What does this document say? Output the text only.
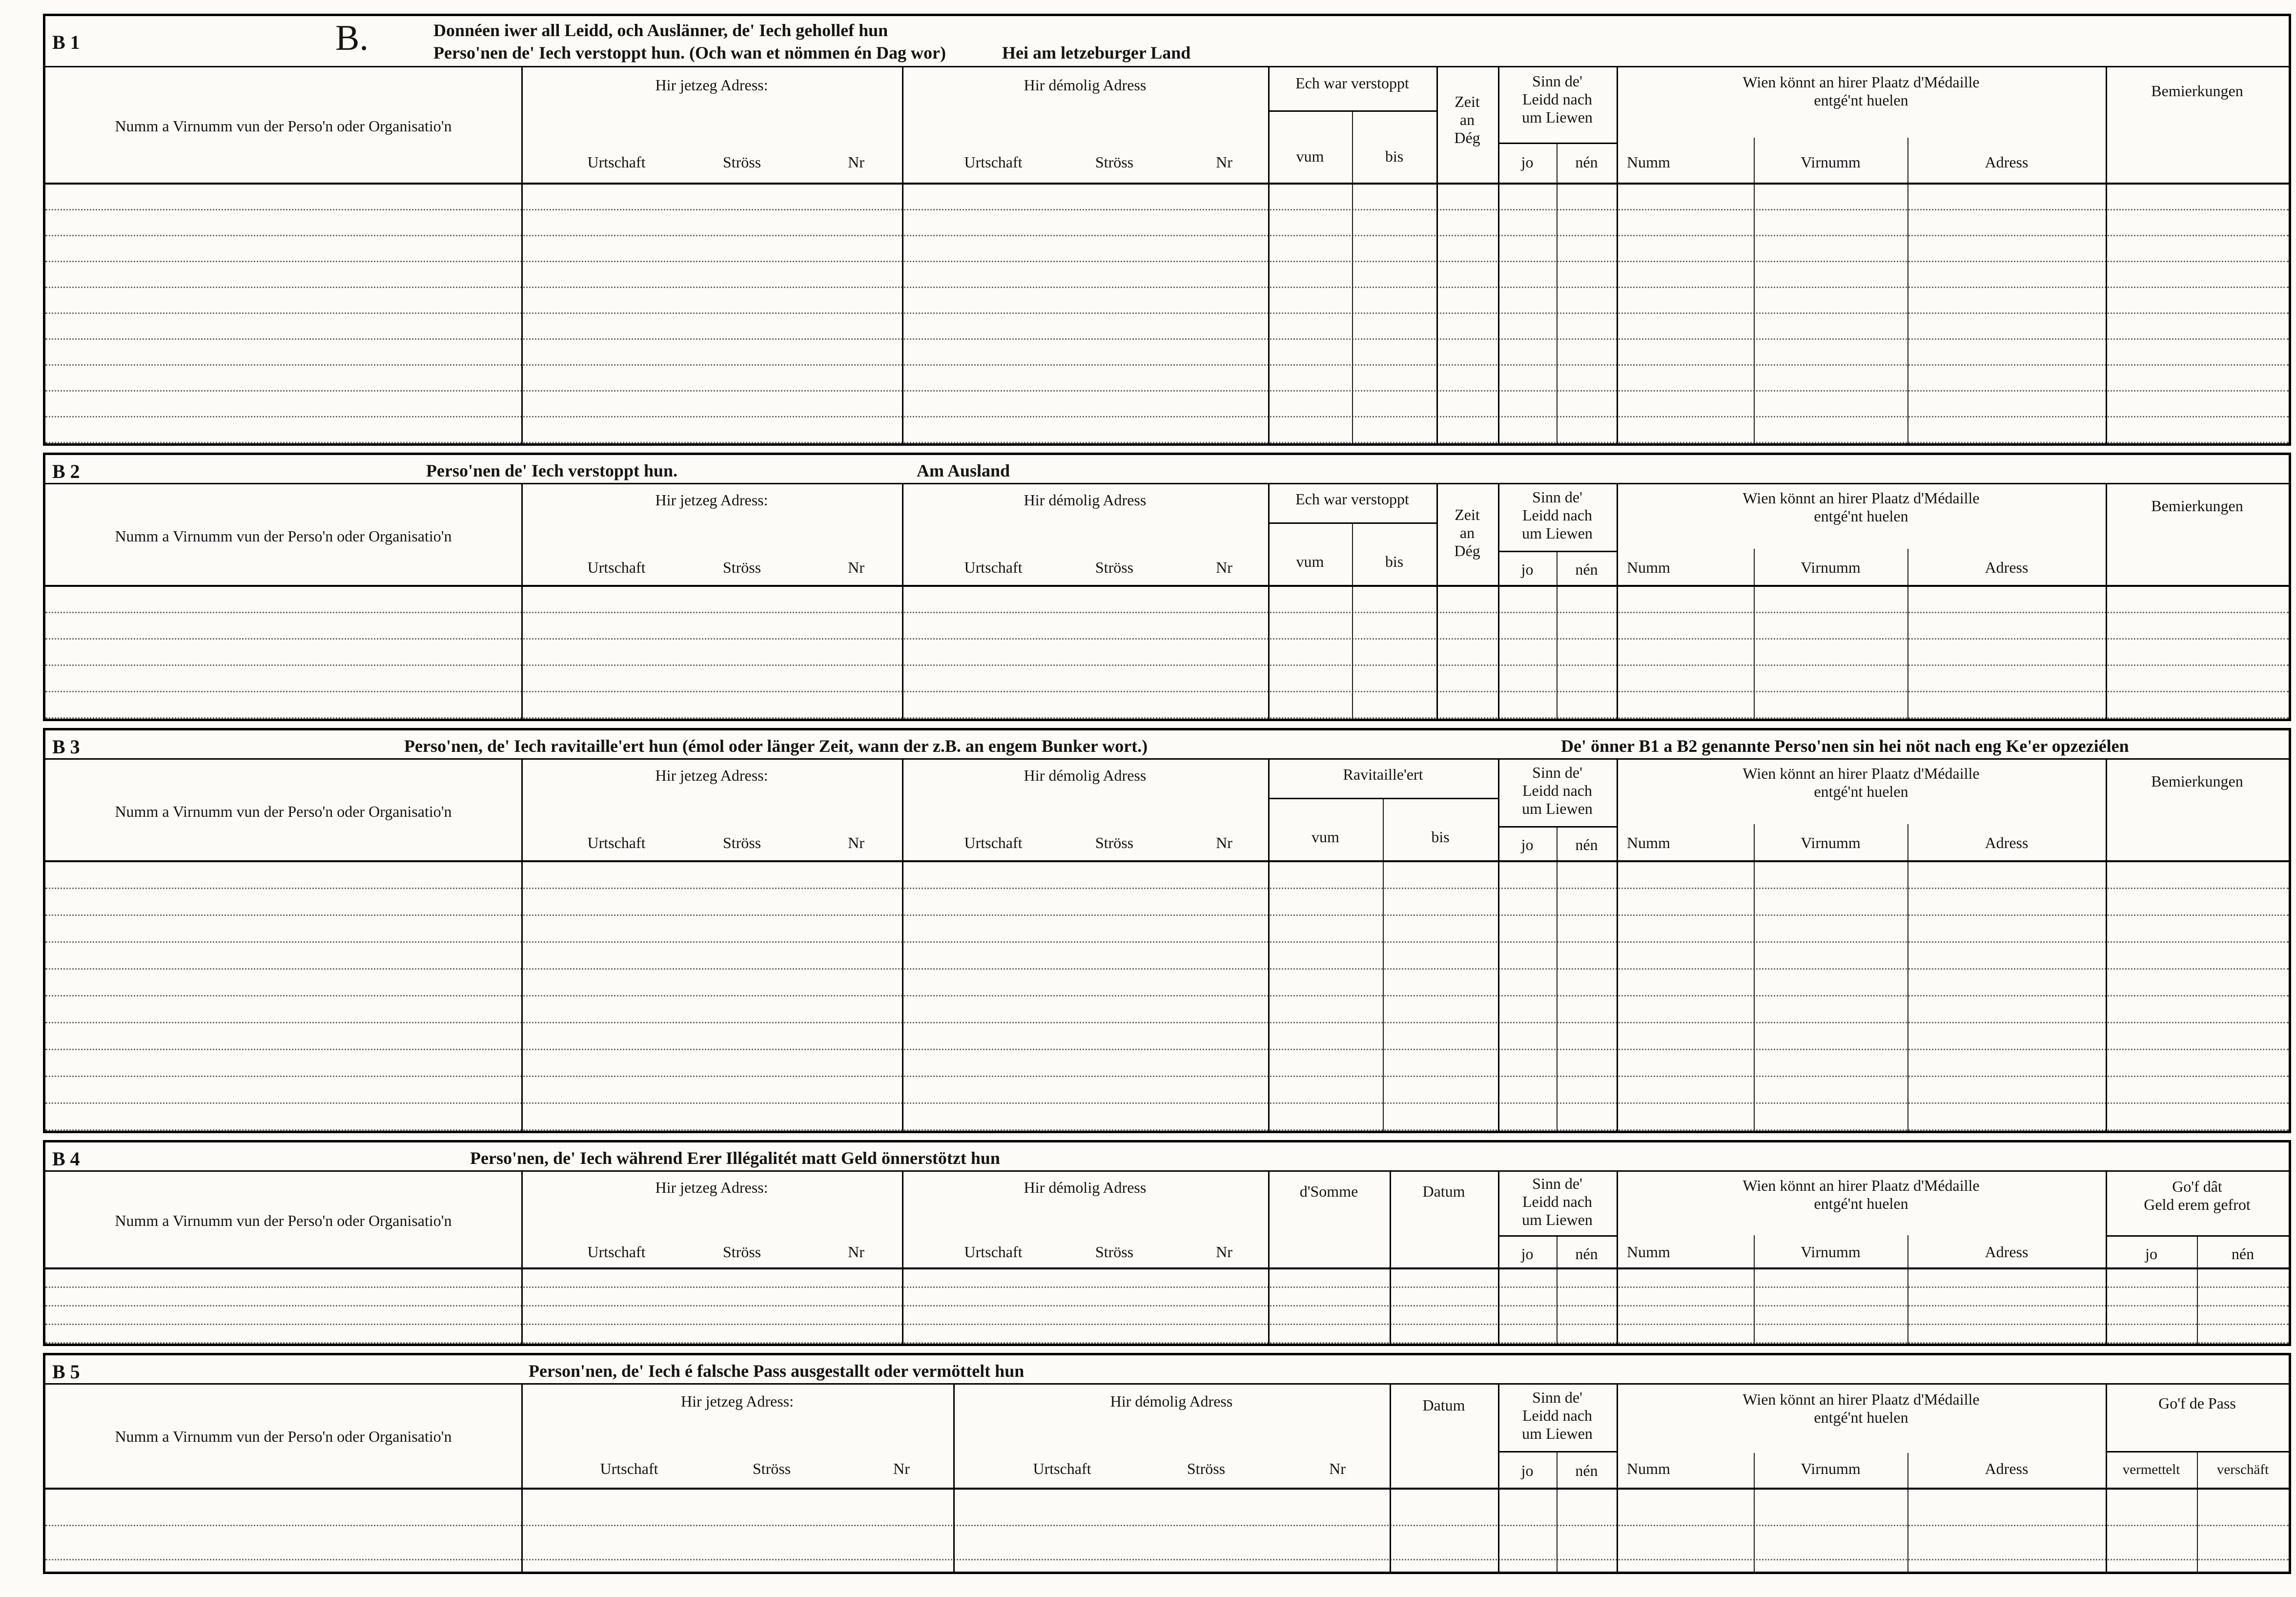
B 1	B.	Donnéen iwer all Leidd, och Auslänner, de' Iech gehollef hun
Perso'nen de' Iech verstoppt hun. (Och wan et nömmen én Dag wor)	Hei am letzeburger Land
Numm a Virnumm vun der Perso'n oder Organisatio'n
Hir jetzeg Adress:
Urtschaft	Ströss	Nr
Hir démolig Adress
Urtschaft	Ströss	Nr
Ech war verstoppt
vum	bis
Zeit
an
Dég
Sinn de'
Leidd nach
um Liewen
jo	nén
Wien könnt an hirer Plaatz d'Médaille
entgé'nt huelen
Numm	Virnumm	Adress
Bemierkungen
B 2	Perso'nen de' Iech verstoppt hun.	Am Ausland
Numm a Virnumm vun der Perso'n oder Organisatio'n
Hir jetzeg Adress:
Urtschaft	Ströss	Nr
Hir démolig Adress
Urtschaft	Ströss	Nr
Ech war verstoppt
vum	bis
Zeit
an
Dég
Sinn de'
Leidd nach
um Liewen
jo	nén
Wien könnt an hirer Plaatz d'Médaille
entgé'nt huelen
Numm	Virnumm	Adress
Bemierkungen
B 3	Perso'nen, de' Iech ravitaille'ert hun (émol oder länger Zeit, wann der z.B. an engem Bunker wort.)	De' önner B1 a B2 genannte Perso'nen sin hei nöt nach eng Ke'er opzeziélen
Numm a Virnumm vun der Perso'n oder Organisatio'n
Hir jetzeg Adress:
Urtschaft	Ströss	Nr
Hir démolig Adress
Urtschaft	Ströss	Nr
Ravitaille'ert
vum	bis
Sinn de'
Leidd nach
um Liewen
jo	nén
Wien könnt an hirer Plaatz d'Médaille
entgé'nt huelen
Numm	Virnumm	Adress
Bemierkungen
B 4	Perso'nen, de' Iech während Erer Illégalitét matt Geld önnerstötzt hun
Numm a Virnumm vun der Perso'n oder Organisatio'n
Hir jetzeg Adress:
Urtschaft	Ströss	Nr
Hir démolig Adress
Urtschaft	Ströss	Nr
d'Somme	Datum	Sinn de'
Leidd nach
um Liewen
jo	nén
Wien könnt an hirer Plaatz d'Médaille
entgé'nt huelen
Numm	Virnumm	Adress
Go'f dât
Geld erem gefrot
jo	nén
B 5	Person'nen, de' Iech é falsche Pass ausgestallt oder vermöttelt hun
Numm a Virnumm vun der Perso'n oder Organisatio'n
Hir jetzeg Adress:
Urtschaft	Ströss	Nr
Hir démolig Adress
Urtschaft	Ströss	Nr
Datum	Sinn de'
Leidd nach
um Liewen
jo	nén
Wien könnt an hirer Plaatz d'Médaille
entgé'nt huelen
Numm	Virnumm	Adress
Go'f de Pass
vermettelt	verschäft
